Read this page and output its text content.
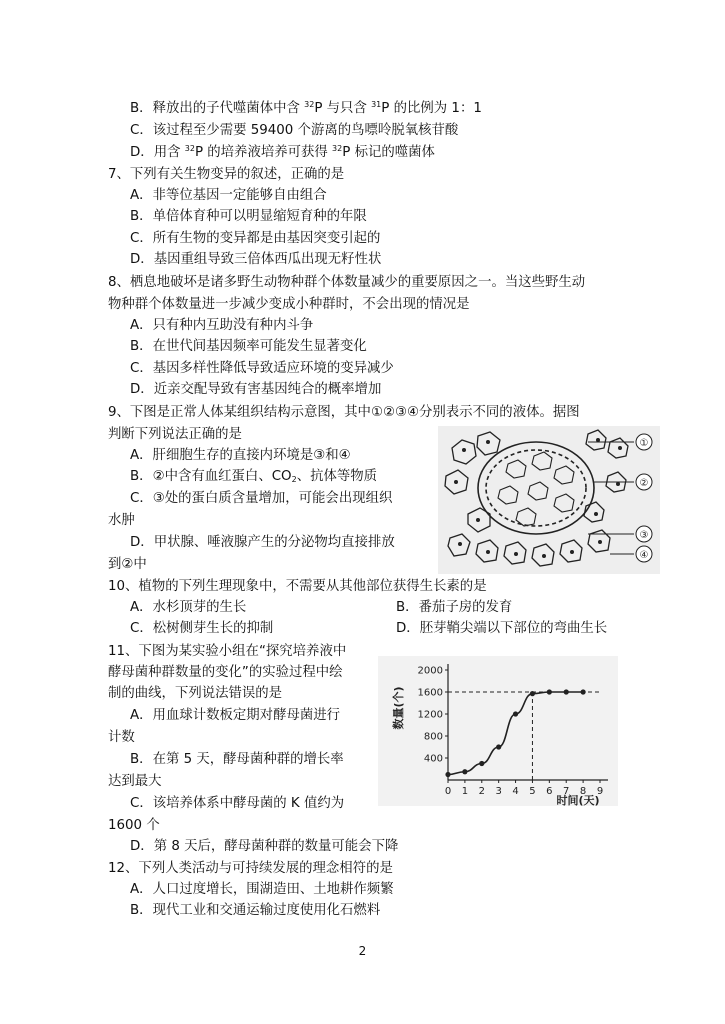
B．释放出的子代噬菌体中含 $^{32}$P 与只含 $^{31}$P 的比例为 1：1
C．该过程至少需要 59400 个游离的鸟嘌呤脱氧核苷酸
D．用含 $^{32}$P 的培养液培养可获得 $^{32}$P 标记的噬菌体
7、下列有关生物变异的叙述，正确的是
A．非等位基因一定能够自由组合
B．单倍体育种可以明显缩短育种的年限
C．所有生物的变异都是由基因突变引起的
D．基因重组导致三倍体西瓜出现无籽性状
8、栖息地破坏是诸多野生动物种群个体数量减少的重要原因之一。当这些野生动
物种群个体数量进一步减少变成小种群时，不会出现的情况是
A．只有种内互助没有种内斗争
B．在世代间基因频率可能发生显著变化
C．基因多样性降低导致适应环境的变异减少
D．近亲交配导致有害基因纯合的概率增加
9、下图是正常人体某组织结构示意图，其中①②③④分别表示不同的液体。据图
判断下列说法正确的是
A．肝细胞生存的直接内环境是③和④
B．②中含有血红蛋白、$CO_2$、抗体等物质
C．③处的蛋白质含量增加，可能会出现组织
水肿
D．甲状腺、唾液腺产生的分泌物均直接排放
到②中
①
②
③
④
10、植物的下列生理现象中，不需要从其他部位获得生长素的是
A．水杉顶芽的生长	B．番茄子房的发育
C．松树侧芽生长的抑制	D．胚芽鞘尖端以下部位的弯曲生长
11、下图为某实验小组在“探究培养液中
酵母菌种群数量的变化”的实验过程中绘
制的曲线，下列说法错误的是
A．用血球计数板定期对酵母菌进行
计数
B．在第 5 天，酵母菌种群的增长率
达到最大
C．该培养体系中酵母菌的 K 值约为
1600 个
D．第 8 天后，酵母菌种群的数量可能会下降
400
800
1200
1600
2000
0 1 2 3 4 5 6 7 8 9
数量(个)
时间(天)
12、下列人类活动与可持续发展的理念相符的是
A．人口过度增长，围湖造田、土地耕作频繁
B．现代工业和交通运输过度使用化石燃料
2
